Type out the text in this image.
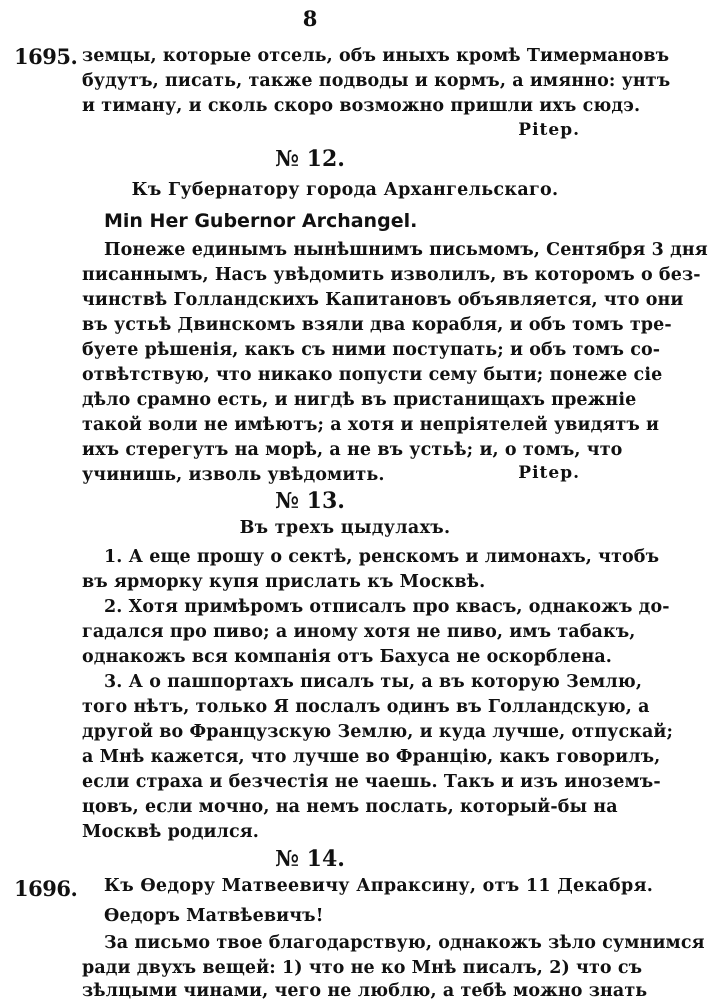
8
1695. земцы, которые отсель, объ иныхъ кромѣ Тимермановъ
будутъ, писать, также подводы и кормъ, а имянно: унтъ
и тиману, и сколь скоро возможно пришли ихъ сюдэ.
Pitep.
№ 12.
Къ Губернатору города Архангельскаго.
Min Her Gubernor Archangel.
Понеже единымъ нынѣшнимъ письмомъ, Сентября 3 дня
писаннымъ, Насъ увѣдомить изволилъ, въ которомъ о без-
чинствѣ Голландскихъ Капитановъ объявляется, что они
въ устьѣ Двинскомъ взяли два корабля, и объ томъ тре-
буете рѣшенія, какъ съ ними поступать; и объ томъ со-
отвѣтствую, что никако попусти сему быти; понеже сіе
дѣло срамно есть, и нигдѣ въ пристанищахъ прежніе
такой воли не имѣютъ; а хотя и непріятелей увидятъ и
ихъ стерегутъ на морѣ, а не въ устьѣ; и, о томъ, что
учинишь, изволь увѣдомить.	Pitep.
№ 13.
Въ трехъ цыдулахъ.
1. А еще прошу о сектѣ, ренскомъ и лимонахъ, чтобъ
въ ярморку купя прислать къ Москвѣ.
2. Хотя примѣромъ отписалъ про квасъ, однакожъ до-
гадался про пиво; а иному хотя не пиво, имъ табакъ,
однакожъ вся компанія отъ Бахуса не оскорблена.
3. А о пашпортахъ писалъ ты, а въ которую Землю,
того нѣтъ, только Я послалъ одинъ въ Голландскую, а
другой во Французскую Землю, и куда лучше, отпускай;
а Мнѣ кажется, что лучше во Францію, какъ говорилъ,
если страха и безчестія не чаешь. Такъ и изъ иноземъ-
цовъ, если мочно, на немъ послать, который-бы на
Москвѣ родился.
№ 14.
1696. Къ Ѳедору Матвеевичу Апраксину, отъ 11 Декабря.
Ѳедоръ Матвѣевичъ!
За письмо твое благодарствую, однакожъ зѣло сумнимся
ради двухъ вещей: 1) что не ко Мнѣ писалъ, 2) что съ
зѣлцыми чинами, чего не люблю, а тебѣ можно знать
